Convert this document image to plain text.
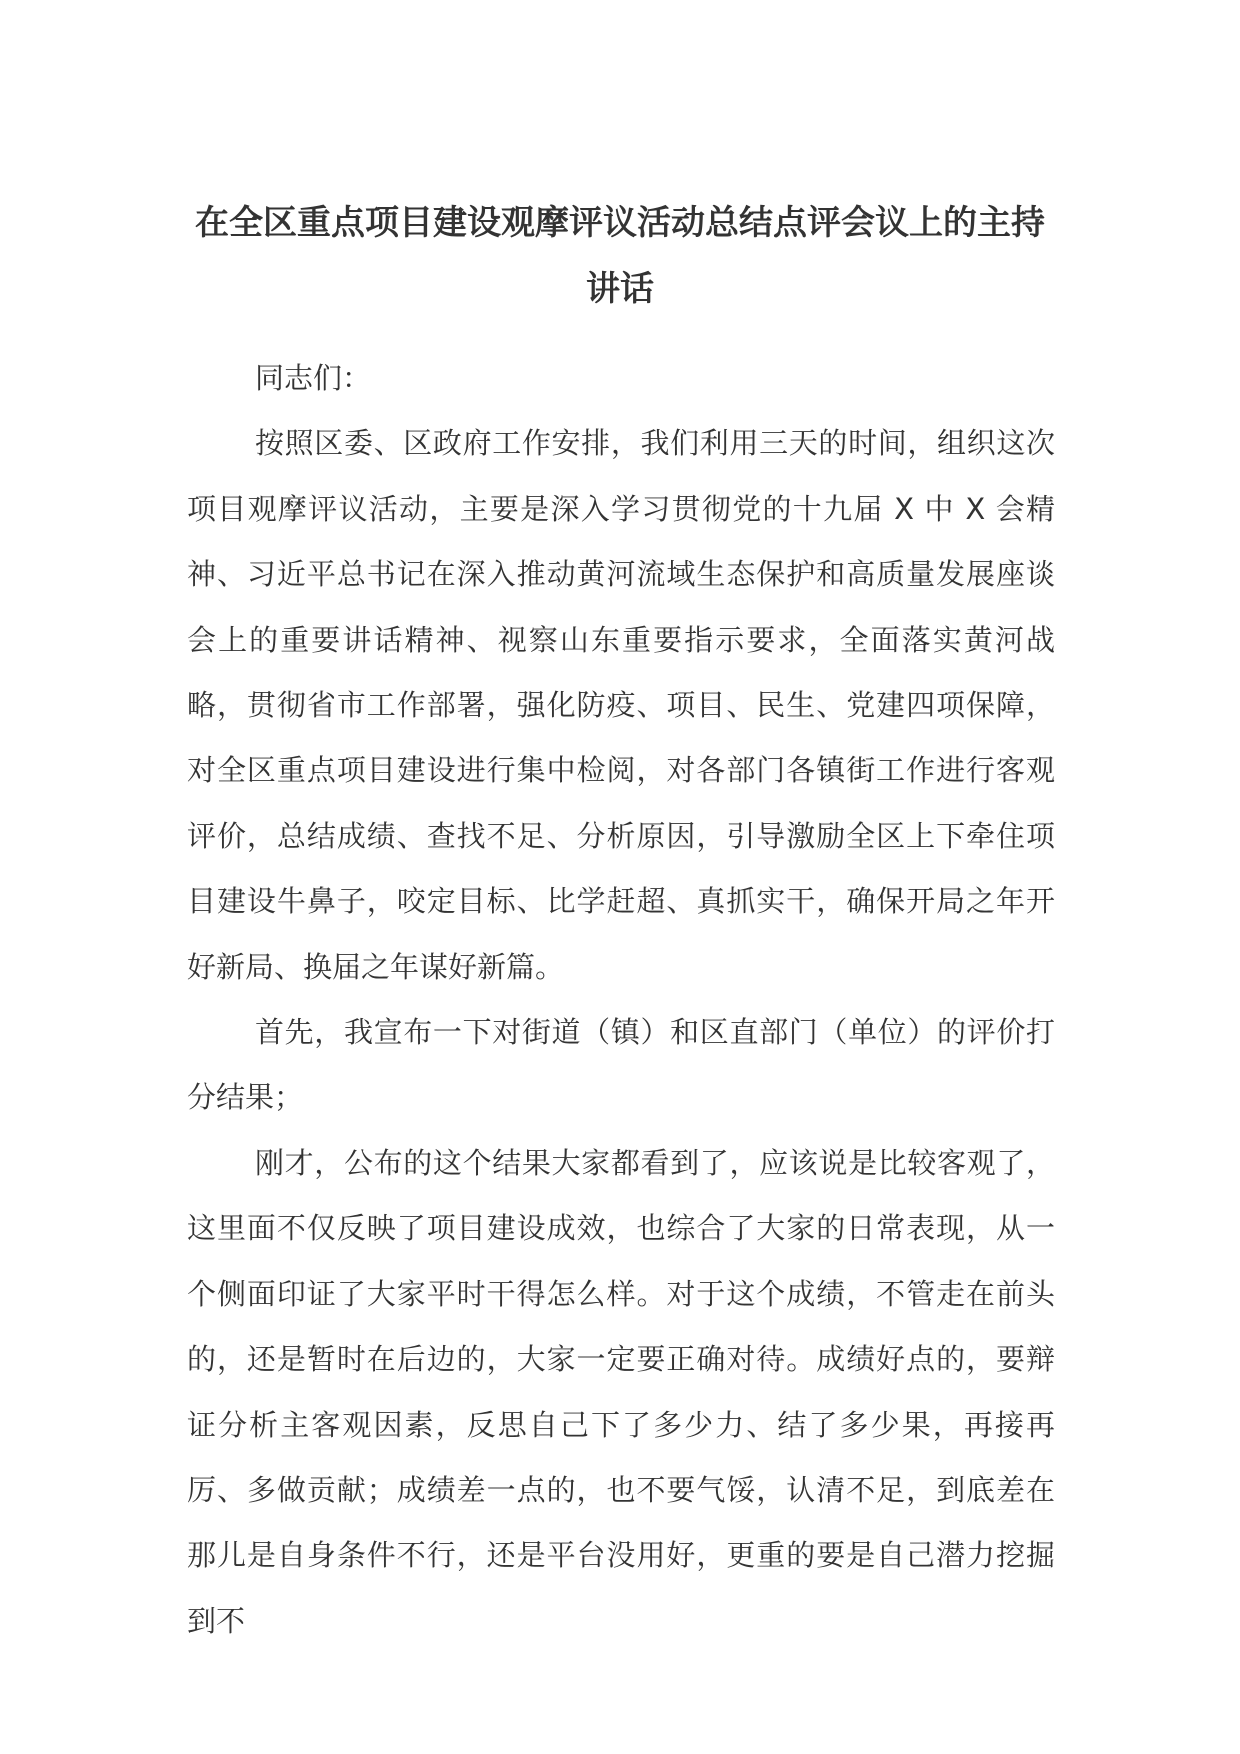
在全区重点项目建设观摩评议活动总结点评会议上的主持讲话

同志们：

按照区委、区政府工作安排，我们利用三天的时间，组织这次项目观摩评议活动，主要是深入学习贯彻党的十九届 X 中 X 会精神、习近平总书记在深入推动黄河流域生态保护和高质量发展座谈会上的重要讲话精神、视察山东重要指示要求，全面落实黄河战略，贯彻省市工作部署，强化防疫、项目、民生、党建四项保障，对全区重点项目建设进行集中检阅，对各部门各镇街工作进行客观评价，总结成绩、查找不足、分析原因，引导激励全区上下牵住项目建设牛鼻子，咬定目标、比学赶超、真抓实干，确保开局之年开好新局、换届之年谋好新篇。

首先，我宣布一下对街道（镇）和区直部门（单位）的评价打分结果；

刚才，公布的这个结果大家都看到了，应该说是比较客观了，这里面不仅反映了项目建设成效，也综合了大家的日常表现，从一个侧面印证了大家平时干得怎么样。对于这个成绩，不管走在前头的，还是暂时在后边的，大家一定要正确对待。成绩好点的，要辩证分析主客观因素，反思自己下了多少力、结了多少果，再接再厉、多做贡献；成绩差一点的，也不要气馁，认清不足，到底差在那儿是自身条件不行，还是平台没用好，更重的要是自己潜力挖掘到不
